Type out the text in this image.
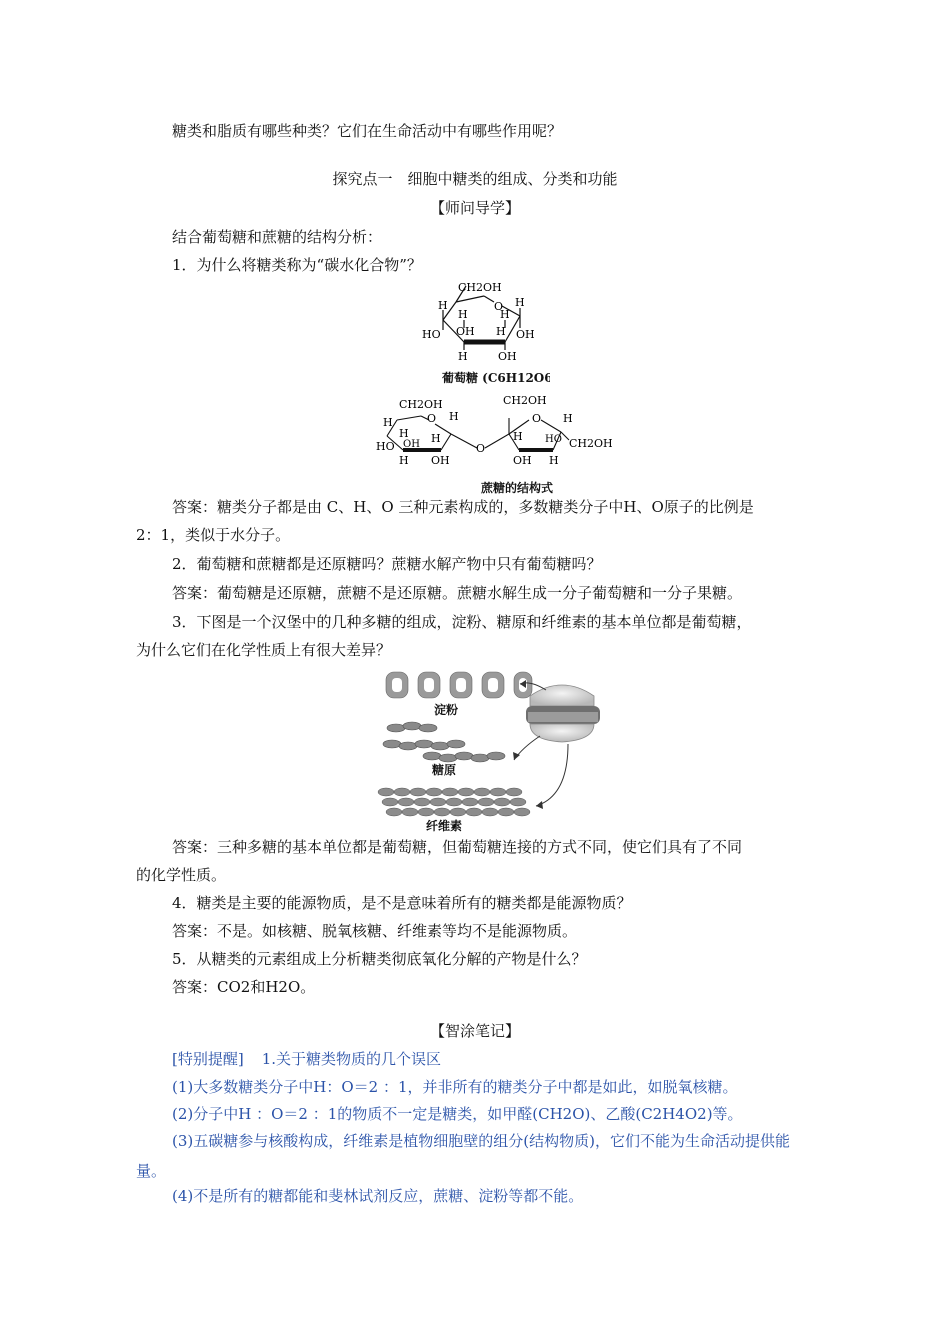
糖类和脂质有哪些种类？它们在生命活动中有哪些作用呢？
探究点一　细胞中糖类的组成、分类和功能
【师问导学】
结合葡萄糖和蔗糖的结构分析：
1．为什么将糖类称为“碳水化合物”？
CH2OH
O
H
H	H
H
OH H OH
HO
H	OH
葡萄糖 (C6H12O6)
CH2OH
O H
H
H
OH H
HO
H OH
O
CH2OH
O H
H HO CH2OH
OH H
蔗糖的结构式
答案：糖类分子都是由 C、H、O 三种元素构成的，多数糖类分子中H、O原子的比例是
2：1，类似于水分子。
2．葡萄糖和蔗糖都是还原糖吗？蔗糖水解产物中只有葡萄糖吗？
答案：葡萄糖是还原糖，蔗糖不是还原糖。蔗糖水解生成一分子葡萄糖和一分子果糖。
3．下图是一个汉堡中的几种多糖的组成，淀粉、糖原和纤维素的基本单位都是葡萄糖，
为什么它们在化学性质上有很大差异？
淀粉
糖原
纤维素
答案：三种多糖的基本单位都是葡萄糖，但葡萄糖连接的方式不同，使它们具有了不同
的化学性质。
4．糖类是主要的能源物质，是不是意味着所有的糖类都是能源物质？
答案：不是。如核糖、脱氧核糖、纤维素等均不是能源物质。
5．从糖类的元素组成上分析糖类彻底氧化分解的产物是什么？
答案：CO2和H2O。
【智涂笔记】
[特别提醒] 1.关于糖类物质的几个误区
(1)大多数糖类分子中H：O＝2 ：1，并非所有的糖类分子中都是如此，如脱氧核糖。
(2)分子中H ：O＝2 ：1的物质不一定是糖类，如甲醛(CH2O)、乙酸(C2H4O2)等。
(3)五碳糖参与核酸构成，纤维素是植物细胞壁的组分(结构物质)，它们不能为生命活动提供能量。
(4)不是所有的糖都能和斐林试剂反应，蔗糖、淀粉等都不能。
